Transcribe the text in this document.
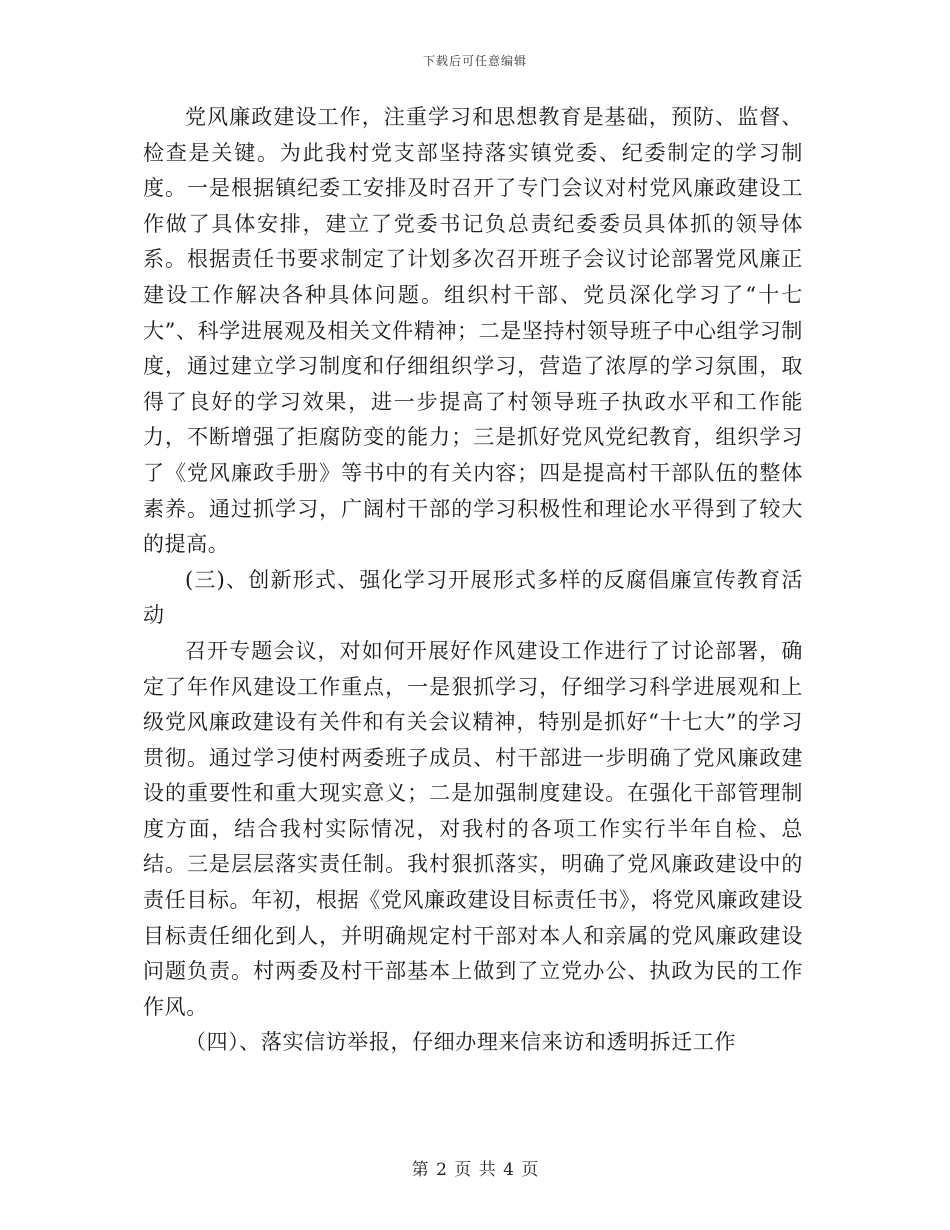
下载后可任意编辑

党风廉政建设工作，注重学习和思想教育是基础，预防、监督、检查是关键。为此我村党支部坚持落实镇党委、纪委制定的学习制度。一是根据镇纪委工安排及时召开了专门会议对村党风廉政建设工作做了具体安排，建立了党委书记负总责纪委委员具体抓的领导体系。根据责任书要求制定了计划多次召开班子会议讨论部署党风廉正建设工作解决各种具体问题。组织村干部、党员深化学习了“十七大”、科学进展观及相关文件精神；二是坚持村领导班子中心组学习制度，通过建立学习制度和仔细组织学习，营造了浓厚的学习氛围，取得了良好的学习效果，进一步提高了村领导班子执政水平和工作能力，不断增强了拒腐防变的能力；三是抓好党风党纪教育，组织学习了《党风廉政手册》等书中的有关内容；四是提高村干部队伍的整体素养。通过抓学习，广阔村干部的学习积极性和理论水平得到了较大的提高。

(三)、创新形式、强化学习开展形式多样的反腐倡廉宣传教育活动

召开专题会议，对如何开展好作风建设工作进行了讨论部署，确定了年作风建设工作重点，一是狠抓学习，仔细学习科学进展观和上级党风廉政建设有关件和有关会议精神，特别是抓好“十七大”的学习贯彻。通过学习使村两委班子成员、村干部进一步明确了党风廉政建设的重要性和重大现实意义；二是加强制度建设。在强化干部管理制度方面，结合我村实际情况，对我村的各项工作实行半年自检、总结。三是层层落实责任制。我村狠抓落实，明确了党风廉政建设中的责任目标。年初，根据《党风廉政建设目标责任书》，将党风廉政建设目标责任细化到人，并明确规定村干部对本人和亲属的党风廉政建设问题负责。村两委及村干部基本上做到了立党办公、执政为民的工作作风。

（四）、落实信访举报，仔细办理来信来访和透明拆迁工作

第 2 页 共 4 页
